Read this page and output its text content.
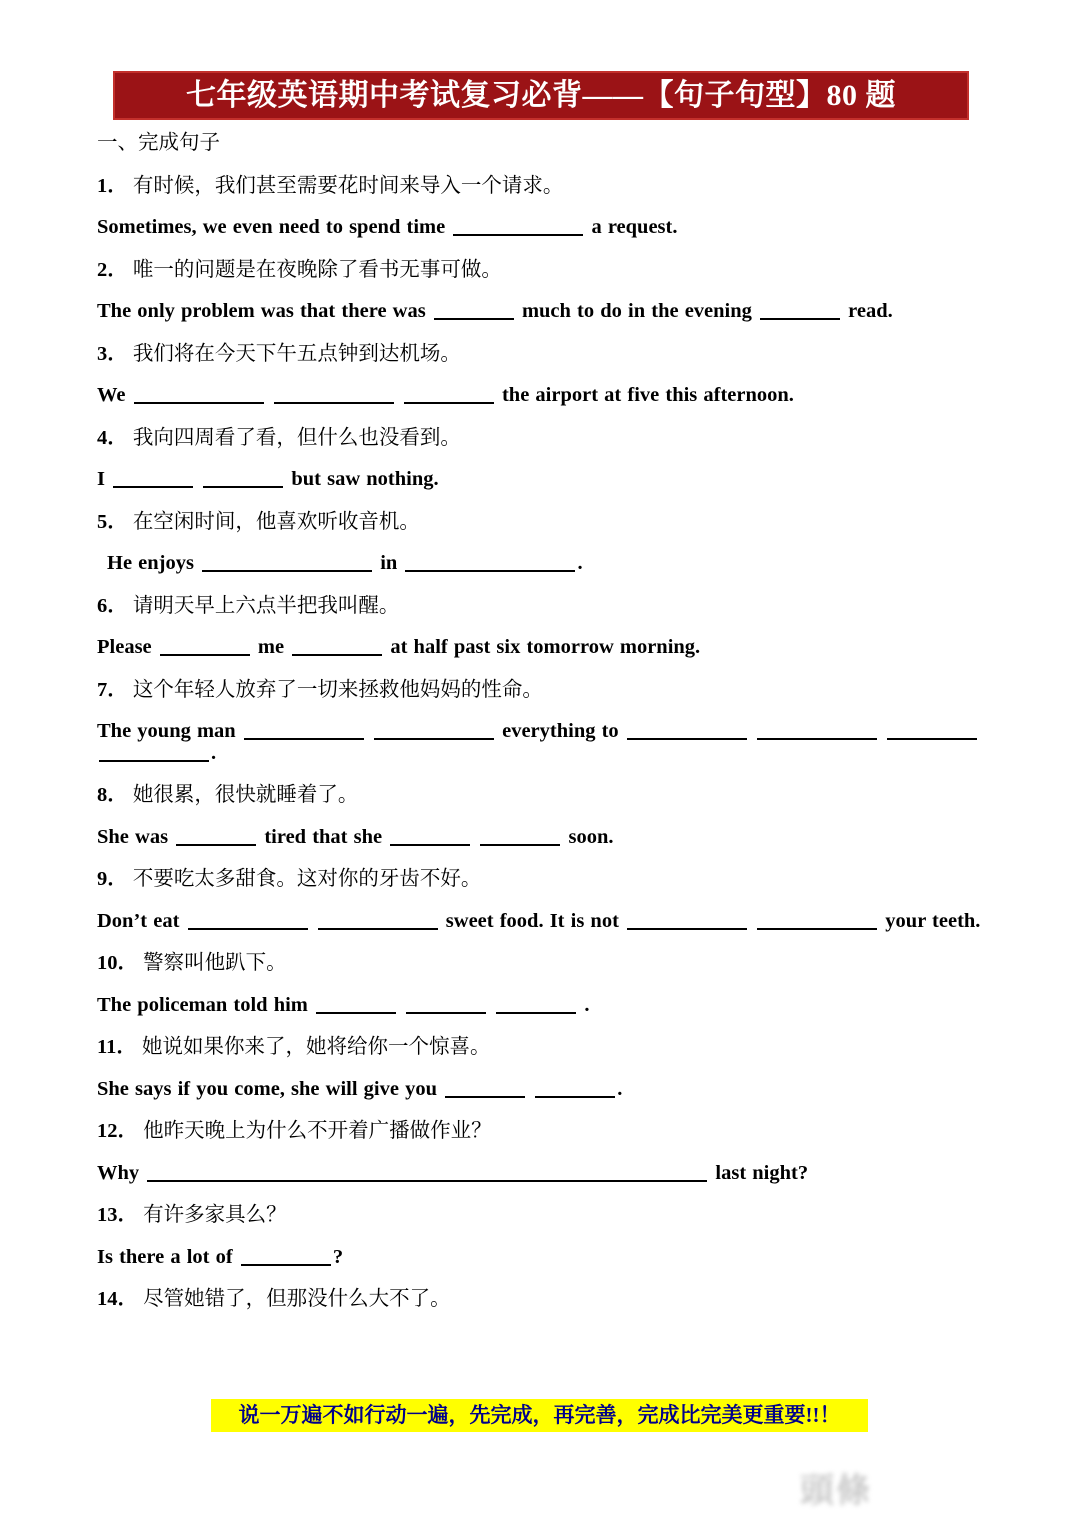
七年级英语期中考试复习必背——【句子句型】80 题
一、完成句子
1． 有时候，我们甚至需要花时间来导入一个请求。
Sometimes, we even need to spend time	a request.
2． 唯一的问题是在夜晚除了看书无事可做。
The only problem was that there was	much to do in the evening	read.
3． 我们将在今天下午五点钟到达机场。
We	the airport at five this afternoon.
4． 我向四周看了看，但什么也没看到。
I	but saw nothing.
5． 在空闲时间，他喜欢听收音机。
He enjoys	in	.
6． 请明天早上六点半把我叫醒。
Please	me	at half past six tomorrow morning.
7． 这个年轻人放弃了一切来拯救他妈妈的性命。
The young man	everything to    .
8． 她很累，很快就睡着了。
She was	tired that she	soon.
9． 不要吃太多甜食。这对你的牙齿不好。
Don’t eat	sweet food. It is not	your teeth.
10． 警察叫他趴下。
The policeman told him	.
11． 她说如果你来了，她将给你一个惊喜。
She says if you come, she will give you	.
12． 他昨天晚上为什么不开着广播做作业？
Why	last night?
13． 有许多家具么？
Is there a lot of	?
14． 尽管她错了，但那没什么大不了。
说一万遍不如行动一遍，先完成，再完善，完成比完美更重要!!！
頭條
